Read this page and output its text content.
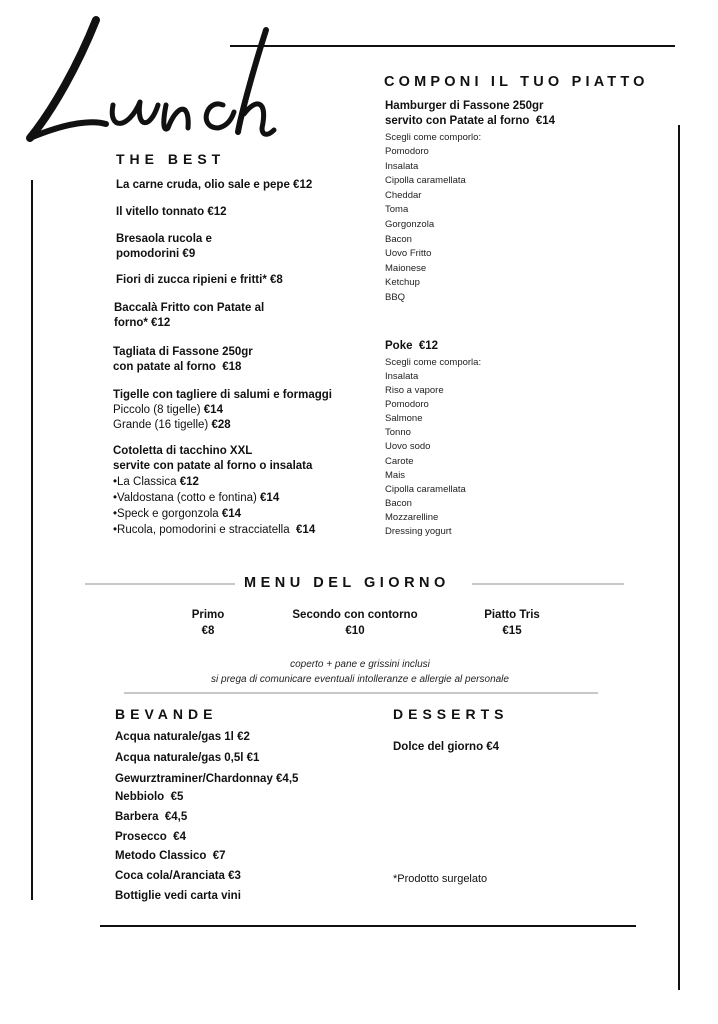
Lunch
COMPONI IL TUO PIATTO
Hamburger di Fassone 250gr
servito con Patate al forno  €14
Scegli come comporlo:
Pomodoro
Insalata
Cipolla caramellata
Cheddar
Toma
Gorgonzola
Bacon
Uovo Fritto
Maionese
Ketchup
BBQ
Poke  €12
Scegli come comporla:
Insalata
Riso a vapore
Pomodoro
Salmone
Tonno
Uovo sodo
Carote
Mais
Cipolla caramellata
Bacon
Mozzarelline
Dressing yogurt
THE BEST
La carne cruda, olio sale e pepe €12
Il vitello tonnato €12
Bresaola rucola e
pomodorini €9
Fiori di zucca ripieni e fritti* €8
Baccalà Fritto con Patate al
forno* €12
Tagliata di Fassone 250gr
con patate al forno  €18
Tigelle con tagliere di salumi e formaggi
Piccolo (8 tigelle) €14
Grande (16 tigelle) €28
Cotoletta di tacchino XXL
servite con patate al forno o insalata
•La Classica €12
•Valdostana (cotto e fontina) €14
•Speck e gorgonzola €14
•Rucola, pomodorini e stracciatella  €14
MENU DEL GIORNO
Primo
€8
Secondo con contorno
€10
Piatto Tris
€15
coperto + pane e grissini inclusi
si prega di comunicare eventuali intolleranze e allergie al personale
BEVANDE
Acqua naturale/gas 1l €2
Acqua naturale/gas 0,5l €1
Gewurztraminer/Chardonnay €4,5
Nebbiolo  €5
Barbera  €4,5
Prosecco  €4
Metodo Classico  €7
Coca cola/Aranciata €3
Bottiglie vedi carta vini
DESSERTS
Dolce del giorno €4
*Prodotto surgelato
